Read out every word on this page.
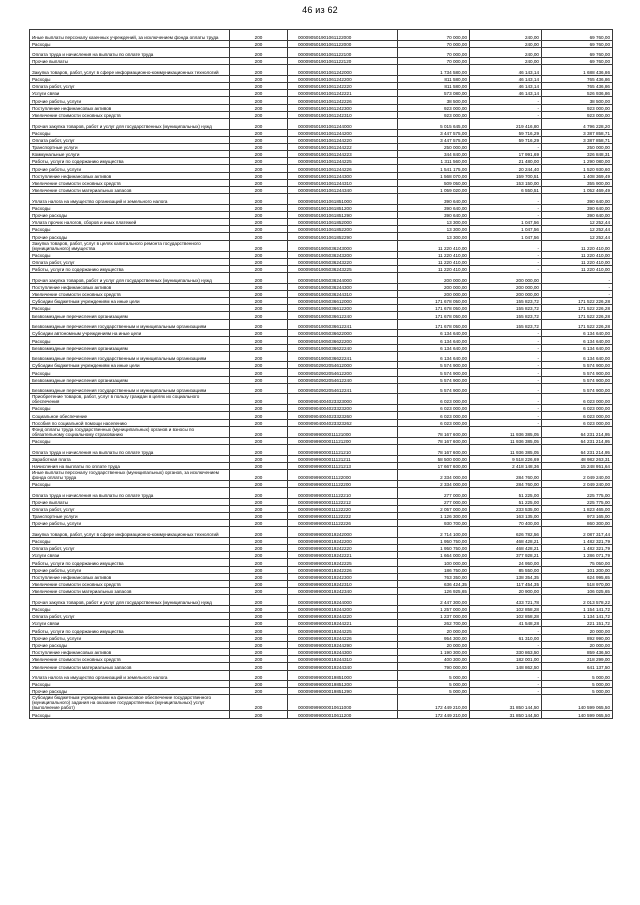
46 из 62
Иные выплаты персоналу казенных учреждений, за исключением фонда оплаты труда	200	000090501901061122000	70 000,00	240,00	69 760,00
Расходы	200	000090501901061122000	70 000,00	240,00	69 760,00
Оплата труда и начисления на выплаты по оплате труда	200	000090501901061122100	70 000,00	240,00	69 760,00
Прочие выплаты	200	000090501901061122120	70 000,00	240,00	69 760,00
Закупка товаров, работ, услуг в сфере информационно-коммуникационных технологий	200	000090501901061242000	1 734 580,00	46 143,14	1 688 436,86
Расходы	200	000090501901061242200	811 580,00	46 143,14	765 436,86
Оплата работ, услуг	200	000090501901061242220	811 580,00	46 143,14	765 436,86
Услуги связи	200	000090501901061242221	573 080,00	46 143,14	526 936,86
Прочие работы, услуги	200	000090501901061242226	38 500,00	-	38 500,00
Поступление нефинансовых активов	200	000090501901061242300	923 000,00	-	923 000,00
Увеличение стоимости основных средств	200	000090501901061242310	923 000,00	-	923 000,00
Прочая закупка товаров, работ и услуг для государственных (муниципальных) нужд	200	000090501901061244000	5 015 645,00	219 416,80	4 796 228,20
Расходы	200	000090501901061244200	3 447 575,00	59 716,29	3 387 858,71
Оплата работ, услуг	200	000090501901061244220	3 447 575,00	59 716,29	3 387 858,71
Транспортные услуги	200	000090501901061244222	250 000,00	-	250 000,00
Коммунальные услуги	200	000090501901061244223	344 840,00	17 991,69	326 848,31
Работы, услуги по содержанию имущества	200	000090501901061244225	1 311 560,00	21 480,00	1 290 080,00
Прочие работы, услуги	200	000090501901061244226	1 541 175,00	20 244,40	1 520 930,60
Поступление нефинансовых активов	200	000090501901061244300	1 568 070,00	159 700,51	1 408 369,49
Увеличение стоимости основных средств	200	000090501901061244310	509 050,00	153 150,00	355 900,00
Увеличение стоимости материальных запасов	200	000090501901061244340	1 059 020,00	6 550,51	1 052 469,49
Уплата налога на имущество организаций и земельного налога	200	000090501901061851000	390 640,00	-	390 640,00
Расходы	200	000090501901061851200	390 640,00	-	390 640,00
Прочие расходы	200	000090501901061851290	390 640,00	-	390 640,00
Уплата прочих налогов, сборов и иных платежей	200	000090501901061852000	13 300,00	1 047,56	12 252,44
Расходы	200	000090501901061852200	13 300,00	1 047,56	12 252,44
Прочие расходы	200	000090501901061852290	13 300,00	1 047,56	12 252,44
Закупка товаров, работ, услуг в целях капитального ремонта государственного (муниципального) имущества	200	000090501905036243000	11 220 410,00	-	11 220 410,00
Расходы	200	000090501905036243200	11 220 410,00	-	11 220 410,00
Оплата работ, услуг	200	000090501905036243220	11 220 410,00	-	11 220 410,00
Работы, услуги по содержанию имущества	200	000090501905036243225	11 220 410,00	-	11 220 410,00
Прочая закупка товаров, работ и услуг для государственных (муниципальных) нужд	200	000090501905036244000	200 000,00	200 000,00	-
Поступление нефинансовых активов	200	000090501905036244300	200 000,00	200 000,00	-
Увеличение стоимости основных средств	200	000090501905036244310	200 000,00	200 000,00	-
Субсидии бюджетным учреждениям на иные цели	200	000090501905036612000	171 678 050,00	155 823,72	171 522 226,28
Расходы	200	000090501905036612200	171 678 050,00	155 823,72	171 522 226,28
Безвозмездные перечисления организациям	200	000090501905036612240	171 678 050,00	155 823,72	171 522 226,28
Безвозмездные перечисления государственным и муниципальным организациям	200	000090501905036612241	171 678 050,00	155 823,72	171 522 226,28
Субсидии автономным учреждениям на иные цели	200	000090501905036622000	6 134 640,00	-	6 134 640,00
Расходы	200	000090501905036622200	6 134 640,00	-	6 134 640,00
Безвозмездные перечисления организациям	200	000090501905036622240	6 134 640,00	-	6 134 640,00
Безвозмездные перечисления государственным и муниципальным организациям	200	000090501905036622241	6 134 640,00	-	6 134 640,00
Субсидии бюджетным учреждениям на иные цели	200	000090502902054612000	5 574 900,00	-	5 574 900,00
Расходы	200	000090502902054612200	5 574 900,00	-	5 574 900,00
Безвозмездные перечисления организациям	200	000090502902054612240	5 574 900,00	-	5 574 900,00
Безвозмездные перечисления государственным и муниципальным организациям	200	000090502902054612241	5 574 900,00	-	5 574 900,00
Приобретение товаров, работ, услуг в пользу граждан в целях их социального обеспечения	200	000090904004023323000	6 023 000,00	-	6 023 000,00
Расходы	200	000090904004023323200	6 023 000,00	-	6 023 000,00
Социальное обеспечение	200	000090904004023323260	6 023 000,00	-	6 023 000,00
Пособия по социальной помощи населению	200	000090904004023323262	6 023 000,00	-	6 023 000,00
Фонд оплаты труда государственных (муниципальных) органов и взносы по обязательному социальному страхованию	200	000090999000011121000	78 167 600,00	11 936 385,05	64 231 214,95
Расходы	200	000090999000011121200	78 167 600,00	11 936 385,05	64 231 214,95
Оплата труда и начисления на выплаты по оплате труда	200	000090999000011121210	78 167 600,00	11 936 385,05	64 231 214,95
Заработная плата	200	000090999000011121211	58 500 000,00	9 518 226,69	48 982 263,31
Начисления на выплаты по оплате труда	200	000090999000011121213	17 667 600,00	2 418 148,36	15 248 951,64
Иные выплаты персоналу государственных (муниципальных) органов, за исключением фонда оплаты труда	200	000090999000011122000	2 334 000,00	284 760,00	2 049 240,00
Расходы	200	000090999000011122200	2 334 000,00	284 760,00	2 049 240,00
Оплата труда и начисления на выплаты по оплате труда	200	000090999000011122210	277 000,00	51 225,00	225 775,00
Прочие выплаты	200	000090999000011122212	277 000,00	51 225,00	225 775,00
Оплата работ, услуг	200	000090999000011122220	2 057 000,00	233 535,00	1 823 465,00
Транспортные услуги	200	000090999000011122222	1 126 300,00	163 135,00	973 165,00
Прочие работы, услуги	200	000090999000011122226	930 700,00	70 400,00	860 300,00
Закупка товаров, работ, услуг в сфере информационно-коммуникационных технологий	200	000090999000019242000	2 714 100,00	626 782,56	2 087 317,44
Расходы	200	000090999000019242200	1 950 750,00	468 428,21	1 482 321,79
Оплата работ, услуг	200	000090999000019242220	1 950 750,00	468 428,21	1 482 321,79
Услуги связи	200	000090999000019242221	1 664 000,00	377 928,21	1 286 071,79
Работы, услуги по содержанию имущества	200	000090999000019242225	100 000,00	24 950,00	75 050,00
Прочие работы, услуги	200	000090999000019242226	186 750,00	85 550,00	101 200,00
Поступление нефинансовых активов	200	000090999000019242300	763 350,00	138 354,35	624 995,65
Увеличение стоимости основных средств	200	000090999000019242310	636 424,35	117 454,35	518 970,00
Увеличение стоимости материальных запасов	200	000090999000019242340	126 925,65	20 900,00	106 025,65
Прочая закупка товаров, работ и услуг для государственных (муниципальных) нужд	200	000090999000019244000	2 447 300,00	433 721,78	2 013 578,22
Расходы	200	000090999000019244200	1 257 000,00	102 858,28	1 154 141,72
Оплата работ, услуг	200	000090999000019244220	1 237 000,00	102 858,28	1 134 141,72
Услуги связи	200	000090999000019244221	262 700,00	41 548,28	221 151,72
Работы, услуги по содержанию имущества	200	000090999000019244225	20 000,00	-	20 000,00
Прочие работы, услуги	200	000090999000019244226	954 300,00	61 310,00	892 990,00
Прочие расходы	200	000090999000019244290	20 000,00	-	20 000,00
Поступление нефинансовых активов	200	000090999000019244300	1 190 300,00	330 863,50	859 436,50
Увеличение стоимости основных средств	200	000090999000019244310	400 300,00	182 001,00	218 299,00
Увеличение стоимости материальных запасов	200	000090999000019244340	790 000,00	148 862,50	641 137,50
Уплата налога на имущество организаций и земельного налога	200	000090999000019851000	5 000,00	-	5 000,00
Расходы	200	000090999000019851200	5 000,00	-	5 000,00
Прочие расходы	200	000090999000019851290	5 000,00	-	5 000,00
Субсидии бюджетным учреждениям на финансовое обеспечение государственного (муниципального) задания на оказание государственных (муниципальных) услуг (выполнение работ)	200	000090999000010611000	172 449 210,00	31 850 144,50	140 599 065,50
Расходы	200	000090999000010611200	172 449 210,00	31 850 144,50	140 599 065,50
